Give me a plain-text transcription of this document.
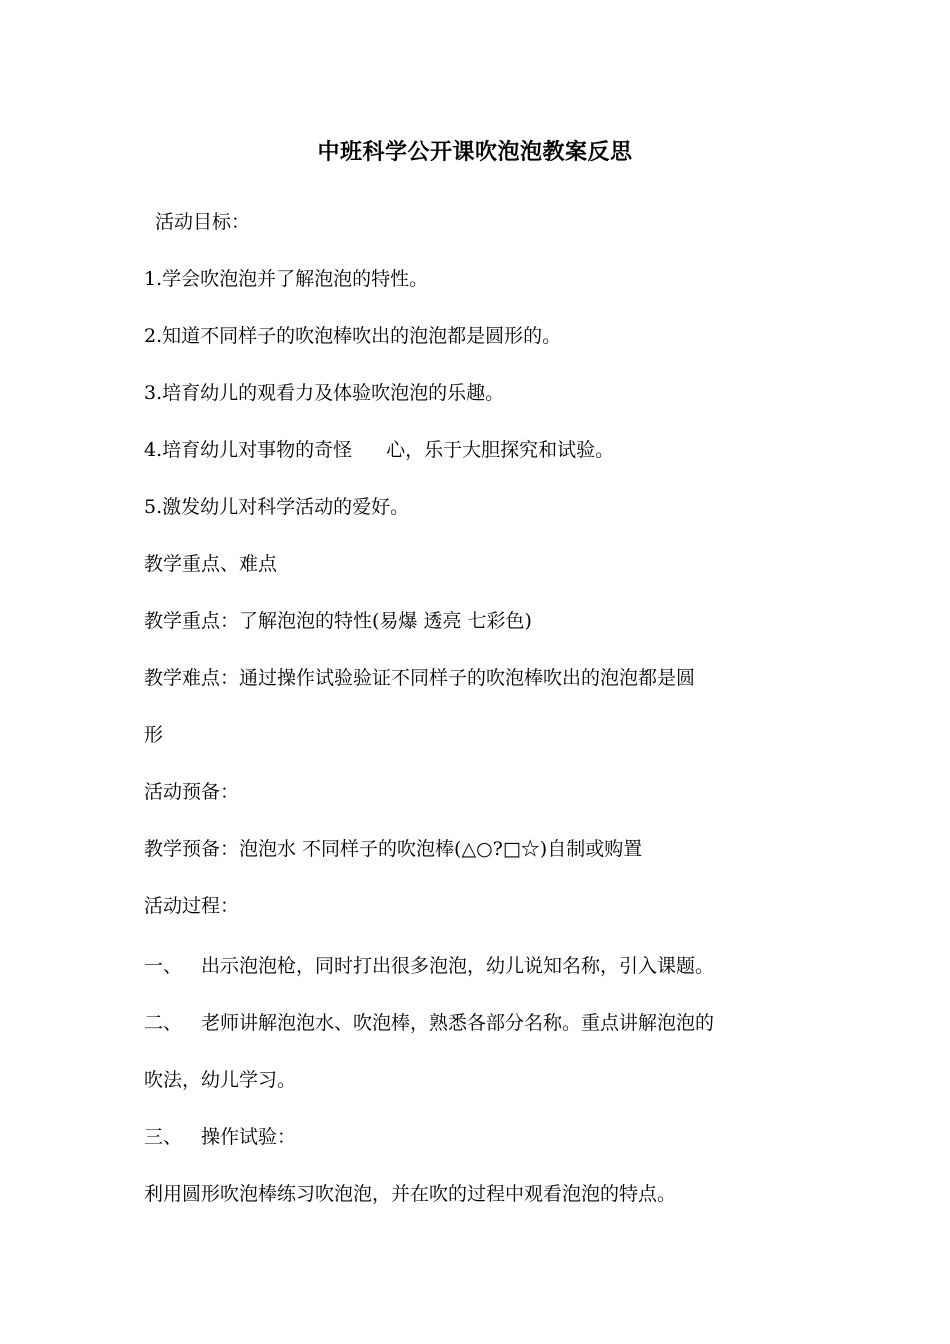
中班科学公开课吹泡泡教案反思
活动目标：
1.学会吹泡泡并了解泡泡的特性。
2.知道不同样子的吹泡棒吹出的泡泡都是圆形的。
3.培育幼儿的观看力及体验吹泡泡的乐趣。
4.培育幼儿对事物的奇怪 心，乐于大胆探究和试验。
5.激发幼儿对科学活动的爱好。
教学重点、难点
教学重点：了解泡泡的特性(易爆 透亮 七彩色)
教学难点：通过操作试验验证不同样子的吹泡棒吹出的泡泡都是圆
形
活动预备：
教学预备：泡泡水 不同样子的吹泡棒(△○?□☆)自制或购置
活动过程：
一、 出示泡泡枪，同时打出很多泡泡，幼儿说知名称，引入课题。
二、 老师讲解泡泡水、吹泡棒，熟悉各部分名称。重点讲解泡泡的
吹法，幼儿学习。
三、 操作试验：
利用圆形吹泡棒练习吹泡泡，并在吹的过程中观看泡泡的特点。
